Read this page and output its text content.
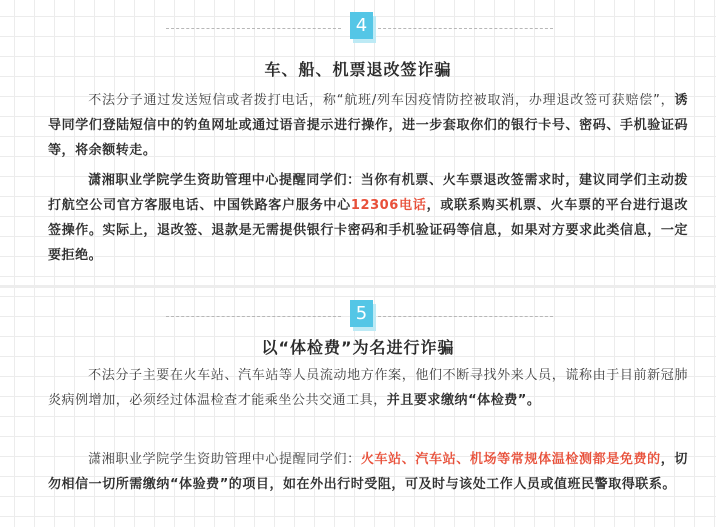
4
车、船、机票退改签诈骗

不法分子通过发送短信或者拨打电话，称“航班/列车因疫情防控被取消，办理退改签可获赔偿”，诱导同学们登陆短信中的钓鱼网址或通过语音提示进行操作，进一步套取你们的银行卡号、密码、手机验证码等，将余额转走。

潇湘职业学院学生资助管理中心提醒同学们：当你有机票、火车票退改签需求时，建议同学们主动拨打航空公司官方客服电话、中国铁路客户服务中心12306电话，或联系购买机票、火车票的平台进行退改签操作。实际上，退改签、退款是无需提供银行卡密码和手机验证码等信息，如果对方要求此类信息，一定要拒绝。

5
以“体检费”为名进行诈骗

不法分子主要在火车站、汽车站等人员流动地方作案，他们不断寻找外来人员，谎称由于目前新冠肺炎病例增加，必须经过体温检查才能乘坐公共交通工具，并且要求缴纳“体检费”。

潇湘职业学院学生资助管理中心提醒同学们：火车站、汽车站、机场等常规体温检测都是免费的，切勿相信一切所需缴纳“体验费”的项目，如在外出行时受阻，可及时与该处工作人员或值班民警取得联系。
